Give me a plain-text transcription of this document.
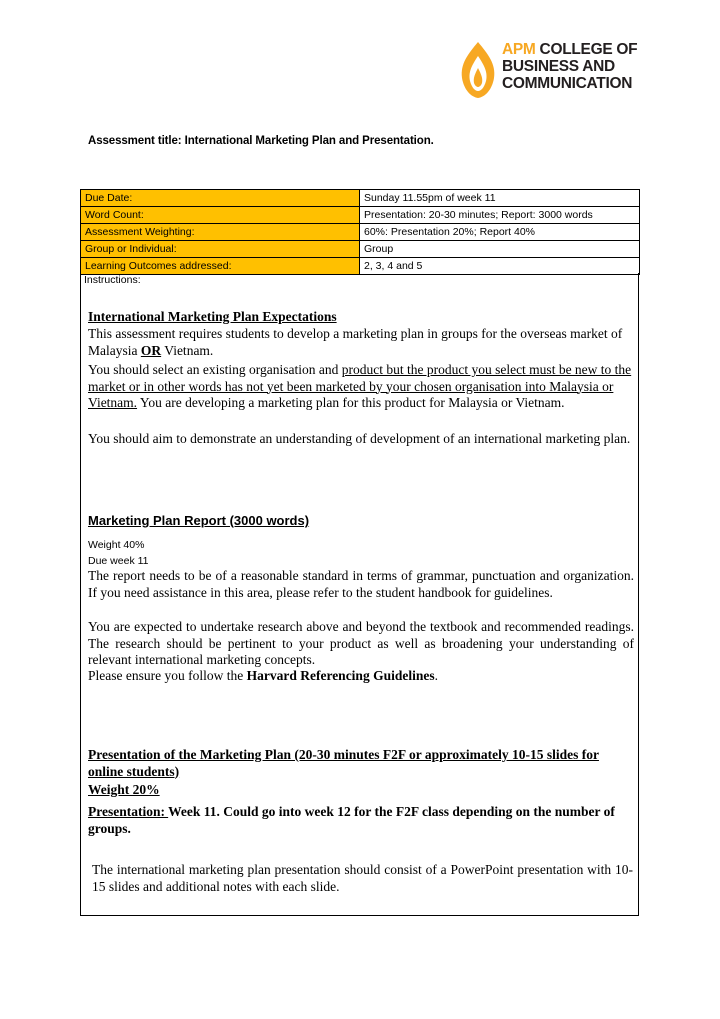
APM COLLEGE OF
BUSINESS AND
COMMUNICATION
Assessment title: International Marketing Plan and Presentation.
Due Date:	Sunday 11.55pm of week 11
Word Count:	Presentation: 20-30 minutes; Report: 3000 words
Assessment Weighting:	60%: Presentation 20%; Report 40%
Group or Individual:	Group
Learning Outcomes addressed:	2, 3, 4 and 5
Instructions:
International Marketing Plan Expectations
This assessment requires students to develop a marketing plan in groups for the overseas market of Malaysia OR Vietnam.
You should select an existing organisation and product but the product you select must be new to the market or in other words has not yet been marketed by your chosen organisation into Malaysia or Vietnam. You are developing a marketing plan for this product for Malaysia or Vietnam.
You should aim to demonstrate an understanding of development of an international marketing plan.
Marketing Plan Report (3000 words)
Weight 40%
Due week 11
The report needs to be of a reasonable standard in terms of grammar, punctuation and organization. If you need assistance in this area, please refer to the student handbook for guidelines.
You are expected to undertake research above and beyond the textbook and recommended readings. The research should be pertinent to your product as well as broadening your understanding of relevant international marketing concepts.
Please ensure you follow the Harvard Referencing Guidelines.
Presentation of the Marketing Plan (20-30 minutes F2F or approximately 10-15 slides for online students)
Weight 20%
Presentation: Week 11. Could go into week 12 for the F2F class depending on the number of groups.
The international marketing plan presentation should consist of a PowerPoint presentation with 10-15 slides and additional notes with each slide.
